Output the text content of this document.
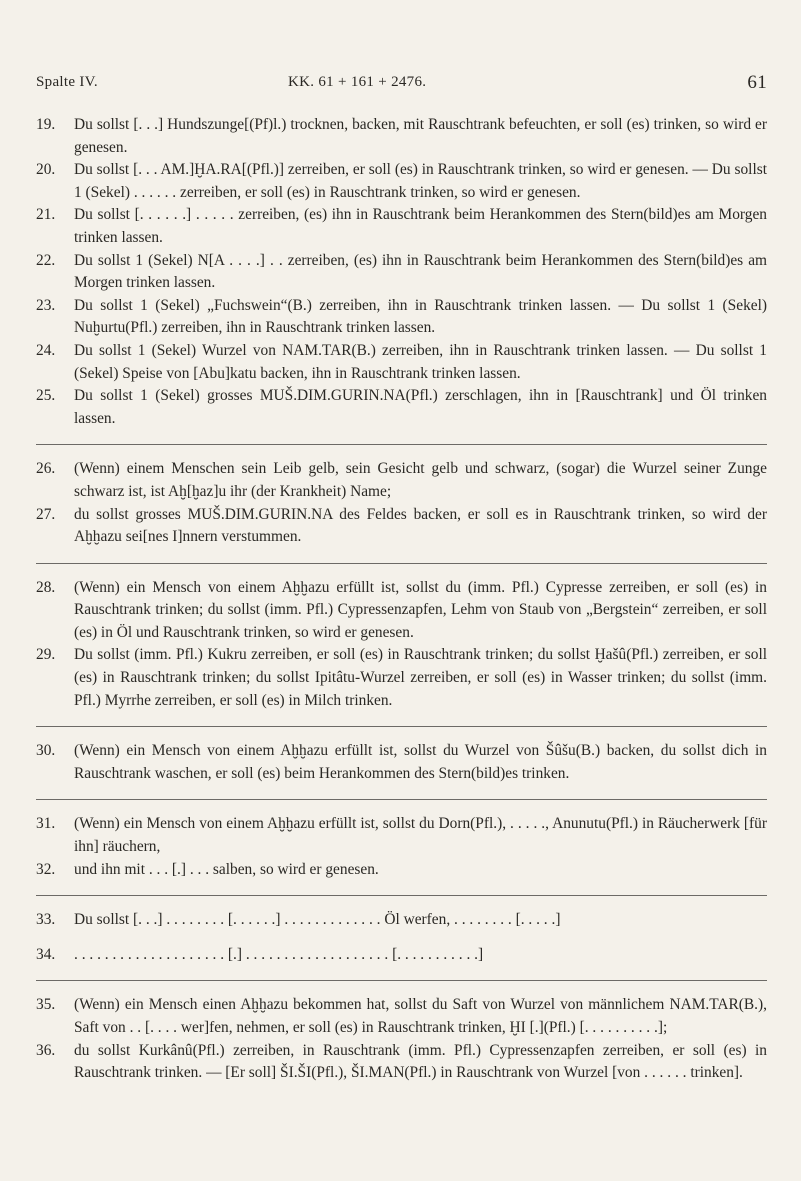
Spalte IV.	KK. 61 + 161 + 2476.	61
19. Du sollst [. . .] Hundszunge[(Pf)l.) trocknen, backen, mit Rauschtrank befeuchten, er soll (es) trinken, so wird er genesen.
20. Du sollst [. . . AM.]ḪA.RA[(Pfl.)] zerreiben, er soll (es) in Rauschtrank trinken, so wird er genesen. — Du sollst 1 (Sekel) . . . . . . zerreiben, er soll (es) in Rauschtrank trinken, so wird er genesen.
21. Du sollst [. . . . . .] . . . . . zerreiben, (es) ihn in Rauschtrank beim Herankommen des Stern(bild)es am Morgen trinken lassen.
22. Du sollst 1 (Sekel) N[A . . . .] . . zerreiben, (es) ihn in Rauschtrank beim Herankommen des Stern(bild)es am Morgen trinken lassen.
23. Du sollst 1 (Sekel) „Fuchswein“(B.) zerreiben, ihn in Rauschtrank trinken lassen. — Du sollst 1 (Sekel) Nuḫurtu(Pfl.) zerreiben, ihn in Rauschtrank trinken lassen.
24. Du sollst 1 (Sekel) Wurzel von NAM.TAR(B.) zerreiben, ihn in Rauschtrank trinken lassen. — Du sollst 1 (Sekel) Speise von [Abu]katu backen, ihn in Rauschtrank trinken lassen.
25. Du sollst 1 (Sekel) grosses MUŠ.DIM.GURIN.NA(Pfl.) zerschlagen, ihn in [Rauschtrank] und Öl trinken lassen.
26. (Wenn) einem Menschen sein Leib gelb, sein Gesicht gelb und schwarz, (sogar) die Wurzel seiner Zunge schwarz ist, ist Aḫ[ḫaz]u ihr (der Krankheit) Name;
27. du sollst grosses MUŠ.DIM.GURIN.NA des Feldes backen, er soll es in Rauschtrank trinken, so wird der Aḫḫazu sei[nes I]nnern verstummen.
28. (Wenn) ein Mensch von einem Aḫḫazu erfüllt ist, sollst du (imm. Pfl.) Cypresse zerreiben, er soll (es) in Rauschtrank trinken; du sollst (imm. Pfl.) Cypressenzapfen, Lehm von Staub von „Bergstein“ zerreiben, er soll (es) in Öl und Rauschtrank trinken, so wird er genesen.
29. Du sollst (imm. Pfl.) Kukru zerreiben, er soll (es) in Rauschtrank trinken; du sollst Ḫašû(Pfl.) zerreiben, er soll (es) in Rauschtrank trinken; du sollst Ipitâtu-Wurzel zerreiben, er soll (es) in Wasser trinken; du sollst (imm. Pfl.) Myrrhe zerreiben, er soll (es) in Milch trinken.
30. (Wenn) ein Mensch von einem Aḫḫazu erfüllt ist, sollst du Wurzel von Šûšu(B.) backen, du sollst dich in Rauschtrank waschen, er soll (es) beim Herankommen des Stern(bild)es trinken.
31. (Wenn) ein Mensch von einem Aḫḫazu erfüllt ist, sollst du Dorn(Pfl.), . . . . ., Anunutu(Pfl.) in Räucherwerk [für ihn] räuchern,
32. und ihn mit . . . [.] . . . salben, so wird er genesen.
33. Du sollst [. . .] . . . . . . . . [. . . . . .] . . . . . . . . . . . . . Öl werfen, . . . . . . . . [. . . . .]
34. . . . . . . . . . . . . . . . . . . . . [.] . . . . . . . . . . . . . . . . . . . [. . . . . . . . . . .]
35. (Wenn) ein Mensch einen Aḫḫazu bekommen hat, sollst du Saft von Wurzel von männlichem NAM.TAR(B.), Saft von . . [. . . . wer]fen, nehmen, er soll (es) in Rauschtrank trinken, ḪI [.](Pfl.) [. . . . . . . . . .];
36. du sollst Kurkânû(Pfl.) zerreiben, in Rauschtrank (imm. Pfl.) Cypressenzapfen zerreiben, er soll (es) in Rauschtrank trinken. — [Er soll] ŠI.ŠI(Pfl.), ŠI.MAN(Pfl.) in Rauschtrank von Wurzel [von . . . . . . trinken].
